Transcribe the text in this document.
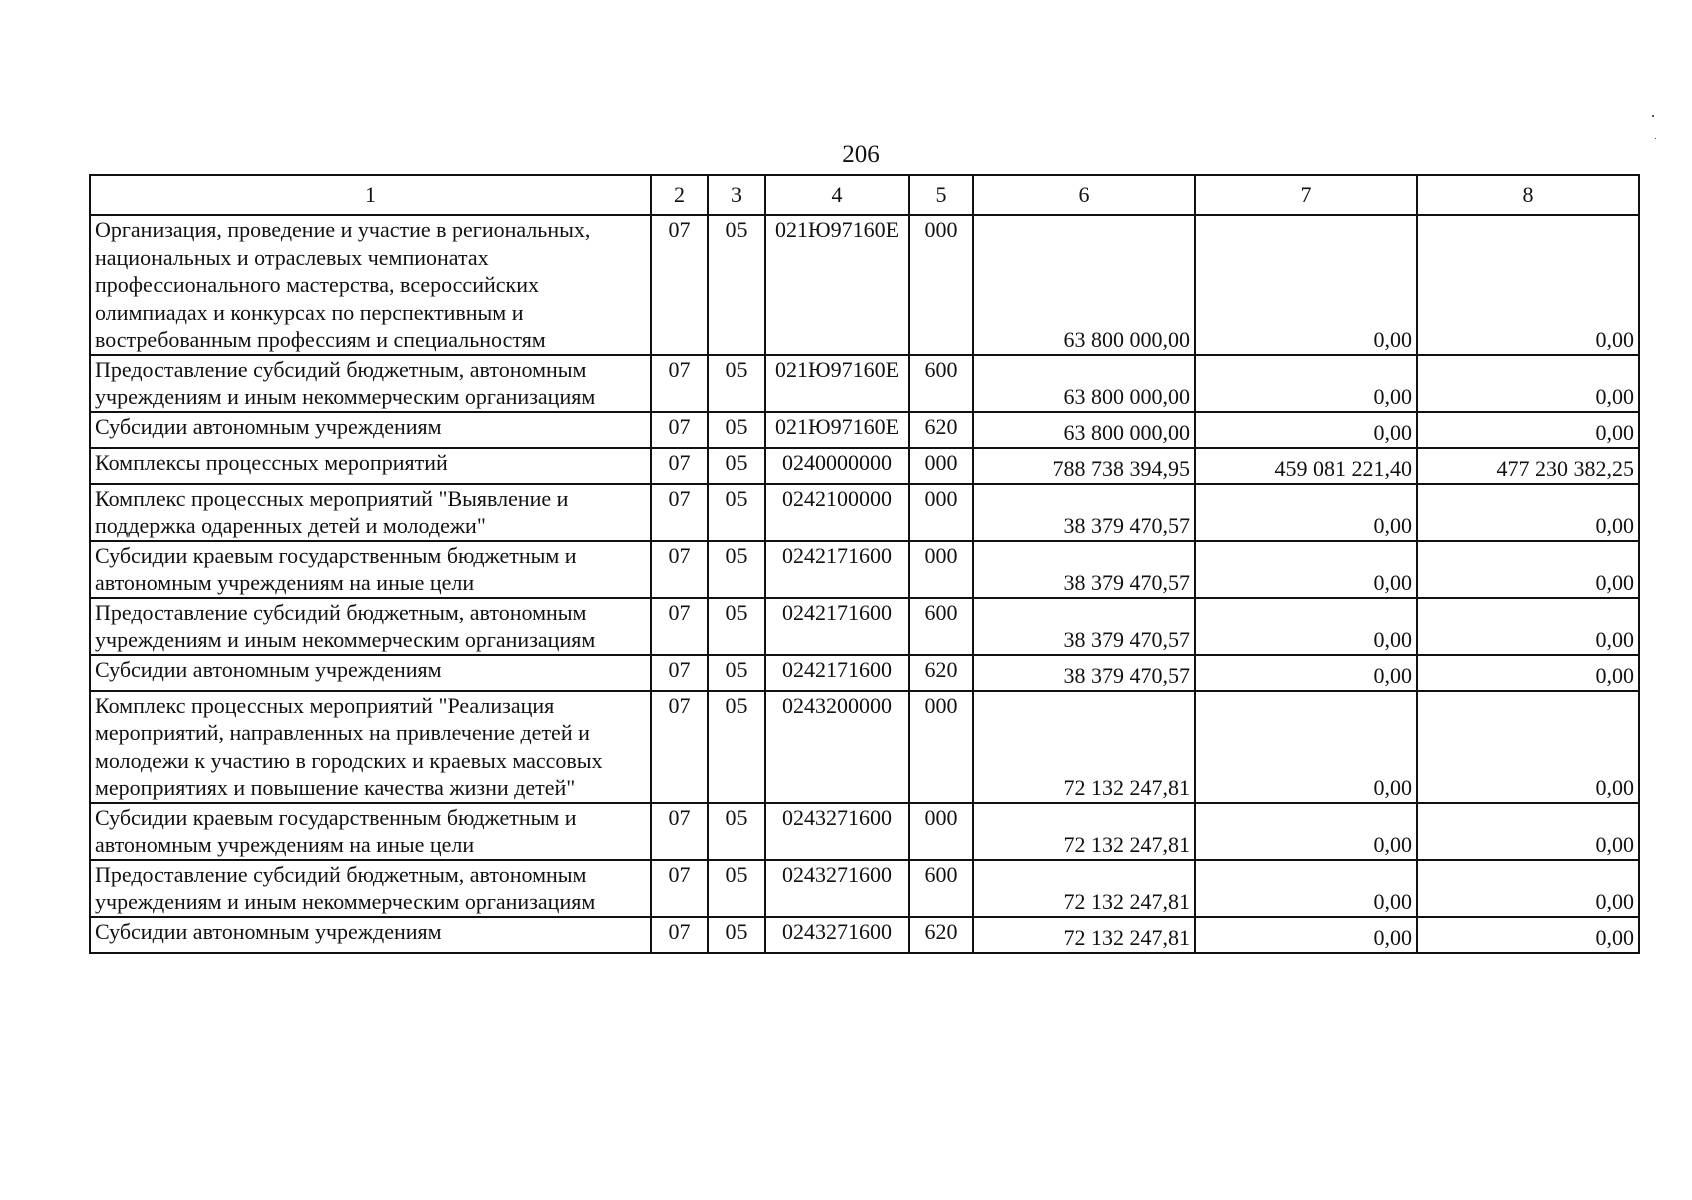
206
1	2	3	4	5	6	7	8
Организация, проведение и участие в региональных, национальных и отраслевых чемпионатах профессионального мастерства, всероссийских олимпиадах и конкурсах по перспективным и востребованным профессиям и специальностям	07	05	021Ю97160Е	000	63 800 000,00	0,00	0,00
Предоставление субсидий бюджетным, автономным учреждениям и иным некоммерческим организациям	07	05	021Ю97160Е	600	63 800 000,00	0,00	0,00
Субсидии автономным учреждениям	07	05	021Ю97160Е	620	63 800 000,00	0,00	0,00
Комплексы процессных мероприятий	07	05	0240000000	000	788 738 394,95	459 081 221,40	477 230 382,25
Комплекс процессных мероприятий "Выявление и поддержка одаренных детей и молодежи"	07	05	0242100000	000	38 379 470,57	0,00	0,00
Субсидии краевым государственным бюджетным и автономным учреждениям на иные цели	07	05	0242171600	000	38 379 470,57	0,00	0,00
Предоставление субсидий бюджетным, автономным учреждениям и иным некоммерческим организациям	07	05	0242171600	600	38 379 470,57	0,00	0,00
Субсидии автономным учреждениям	07	05	0242171600	620	38 379 470,57	0,00	0,00
Комплекс процессных мероприятий "Реализация мероприятий, направленных на привлечение детей и молодежи к участию в городских и краевых массовых мероприятиях и повышение качества жизни детей"	07	05	0243200000	000	72 132 247,81	0,00	0,00
Субсидии краевым государственным бюджетным и автономным учреждениям на иные цели	07	05	0243271600	000	72 132 247,81	0,00	0,00
Предоставление субсидий бюджетным, автономным учреждениям и иным некоммерческим организациям	07	05	0243271600	600	72 132 247,81	0,00	0,00
Субсидии автономным учреждениям	07	05	0243271600	620	72 132 247,81	0,00	0,00
